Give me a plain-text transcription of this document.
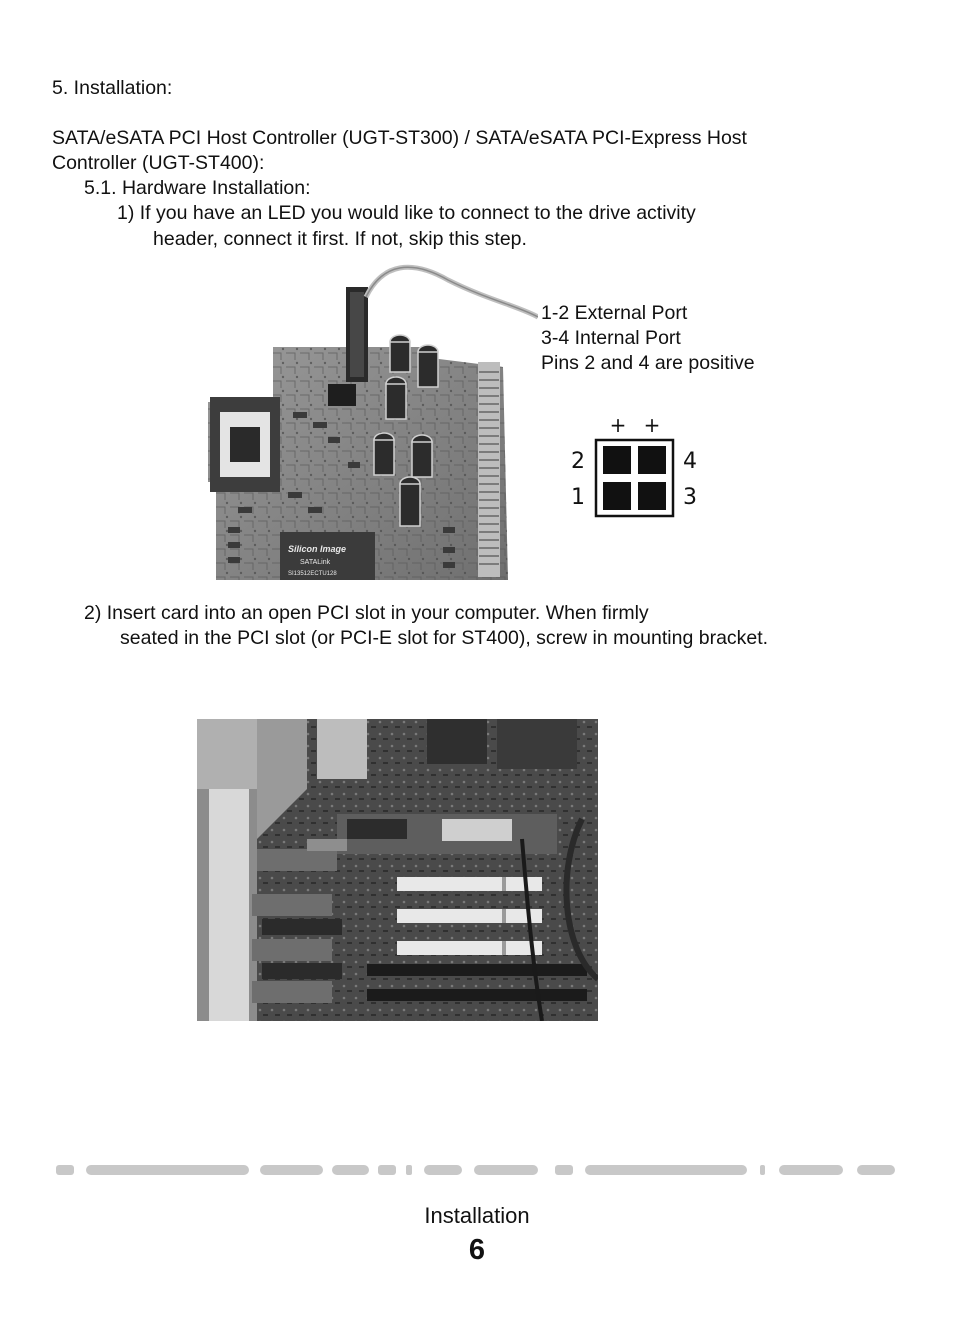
5. Installation:
SATA/eSATA PCI Host Controller (UGT-ST300) / SATA/eSATA PCI-Express Host
Controller (UGT-ST400):
5.1. Hardware Installation:
1) If you have an LED you would like to connect to the drive activity
header, connect it first. If not, skip this step.
Silicon Image
SATALink
SI13512ECTU128
1-2 External Port
3-4 Internal Port
Pins 2 and 4 are positive
+ +
2
1
4
3
2) Insert card into an open PCI slot in your computer. When firmly
seated in the PCI slot (or PCI-E slot for ST400), screw in mounting bracket.
Installation
6
